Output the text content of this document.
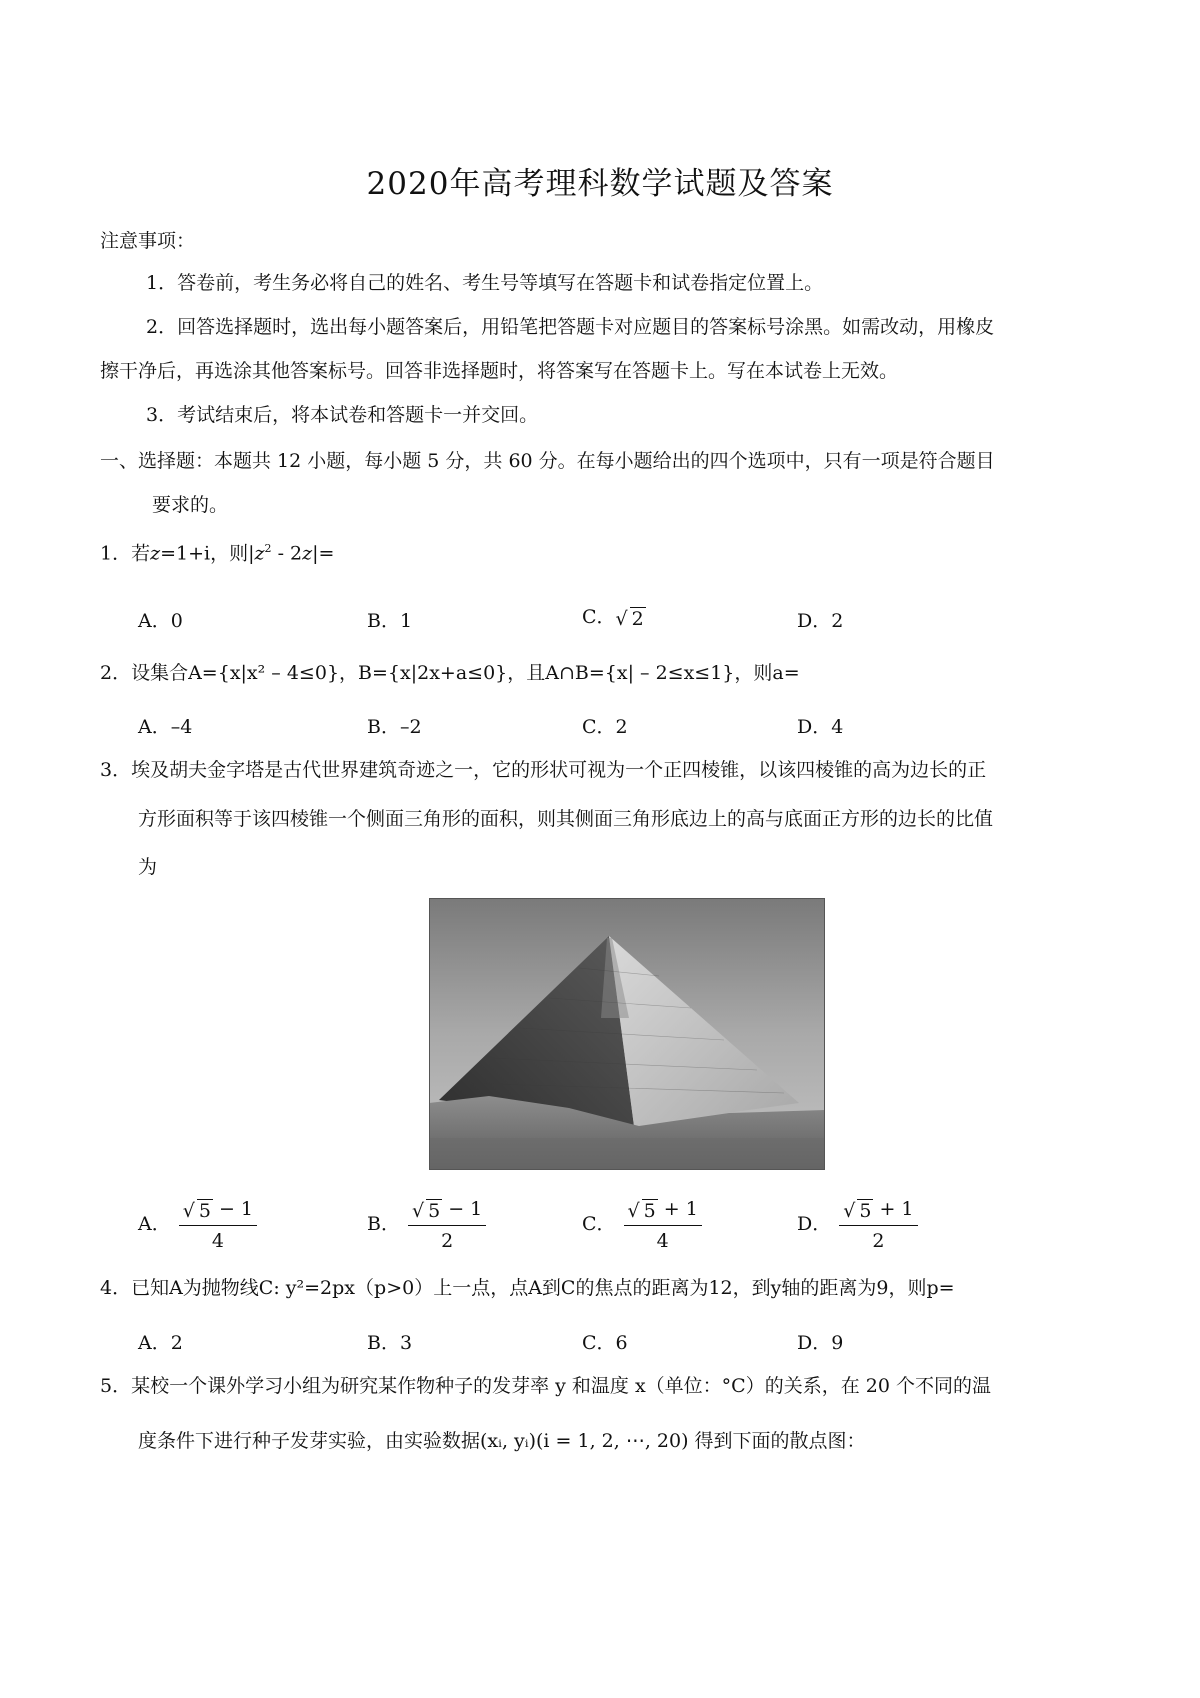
2020年高考理科数学试题及答案
注意事项：
1．答卷前，考生务必将自己的姓名、考生号等填写在答题卡和试卷指定位置上。
2．回答选择题时，选出每小题答案后，用铅笔把答题卡对应题目的答案标号涂黑。如需改动，用橡皮
擦干净后，再选涂其他答案标号。回答非选择题时，将答案写在答题卡上。写在本试卷上无效。
3．考试结束后，将本试卷和答题卡一并交回。
一、选择题：本题共 12 小题，每小题 5 分，共 60 分。在每小题给出的四个选项中，只有一项是符合题目
要求的。
1．若z=1+i，则$|z^2 - 2z|=$
A．0	B．1	C．√ 2	D．2
2．设集合A={x|x² – 4≤0}，B={x|2x+a≤0}，且A∩B={x| – 2≤x≤1}，则a=
A．–4	B．–2	C．2	D．4
3．埃及胡夫金字塔是古代世界建筑奇迹之一，它的形状可视为一个正四棱锥，以该四棱锥的高为边长的正
方形面积等于该四棱锥一个侧面三角形的面积，则其侧面三角形底边上的高与底面正方形的边长的比值
为
A． $\frac{√ 5 - 1}{4}$	B． $\frac{√ 5 - 1}{2}$	C． $\frac{√ 5 + 1}{4}$	D． $\frac{√ 5 + 1}{2}$
4．已知A为抛物线C: y²=2px（p>0）上一点，点A到C的焦点的距离为12，到y轴的距离为9，则p=
A．2	B．3	C．6	D．9
5．某校一个课外学习小组为研究某作物种子的发芽率 y 和温度 x（单位：°C）的关系，在 20 个不同的温
度条件下进行种子发芽实验，由实验数据(xᵢ, yᵢ)(i = 1, 2, ⋯, 20) 得到下面的散点图：
